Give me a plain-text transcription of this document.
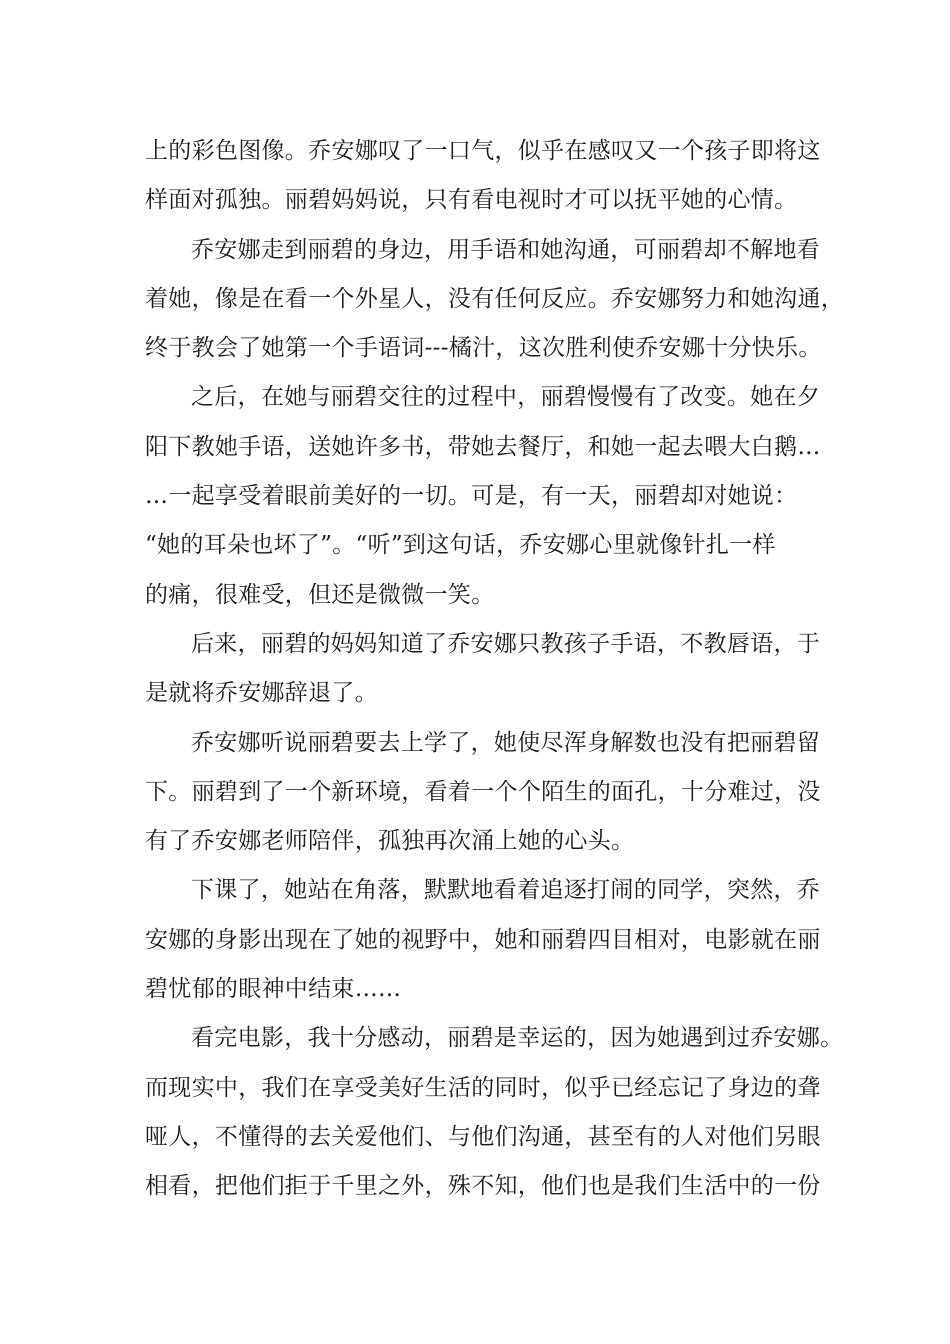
上的彩色图像。乔安娜叹了一口气，似乎在感叹又一个孩子即将这
样面对孤独。丽碧妈妈说，只有看电视时才可以抚平她的心情。
乔安娜走到丽碧的身边，用手语和她沟通，可丽碧却不解地看
着她，像是在看一个外星人，没有任何反应。乔安娜努力和她沟通，
终于教会了她第一个手语词---橘汁，这次胜利使乔安娜十分快乐。
之后，在她与丽碧交往的过程中，丽碧慢慢有了改变。她在夕
阳下教她手语，送她许多书，带她去餐厅，和她一起去喂大白鹅…
…一起享受着眼前美好的一切。可是，有一天，丽碧却对她说：
“她的耳朵也坏了”。“听”到这句话，乔安娜心里就像针扎一样
的痛，很难受，但还是微微一笑。
后来，丽碧的妈妈知道了乔安娜只教孩子手语，不教唇语，于
是就将乔安娜辞退了。
乔安娜听说丽碧要去上学了，她使尽浑身解数也没有把丽碧留
下。丽碧到了一个新环境，看着一个个陌生的面孔，十分难过，没
有了乔安娜老师陪伴，孤独再次涌上她的心头。
下课了，她站在角落，默默地看着追逐打闹的同学，突然，乔
安娜的身影出现在了她的视野中，她和丽碧四目相对，电影就在丽
碧忧郁的眼神中结束……
看完电影，我十分感动，丽碧是幸运的，因为她遇到过乔安娜。
而现实中，我们在享受美好生活的同时，似乎已经忘记了身边的聋
哑人，不懂得的去关爱他们、与他们沟通，甚至有的人对他们另眼
相看，把他们拒于千里之外，殊不知，他们也是我们生活中的一份
